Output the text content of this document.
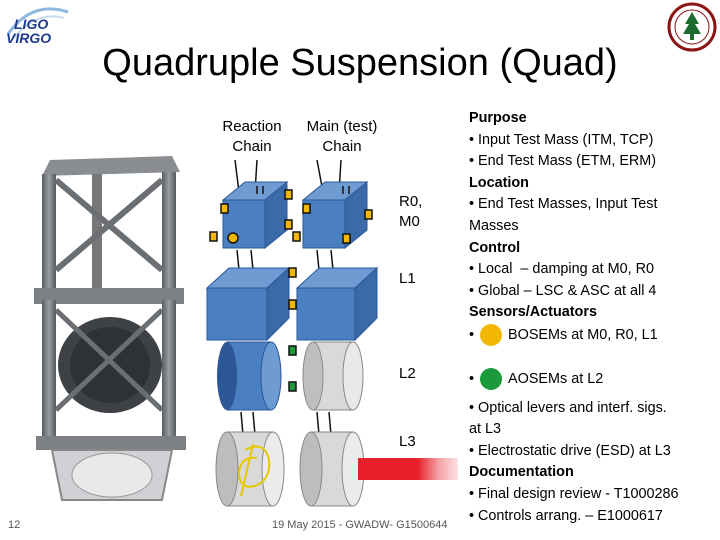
LIGO
VIRGO
Quadruple Suspension (Quad)
Reaction
Chain
Main (test)
Chain
R0,
M0
L1
L2
L3
Purpose
• Input Test Mass (ITM, TCP)
• End Test Mass (ETM, ERM)
Location
• End Test Masses, Input Test
Masses
Control
• Local  – damping at M0, R0
• Global – LSC & ASC at all 4
Sensors/Actuators
•  BOSEMs at M0, R0, L1
•  AOSEMs at L2
• Optical levers and interf. sigs.
at L3
• Electrostatic drive (ESD) at L3
Documentation
• Final design review - T1000286
• Controls arrang. – E1000617
12	19 May 2015 - GWADW- G1500644
